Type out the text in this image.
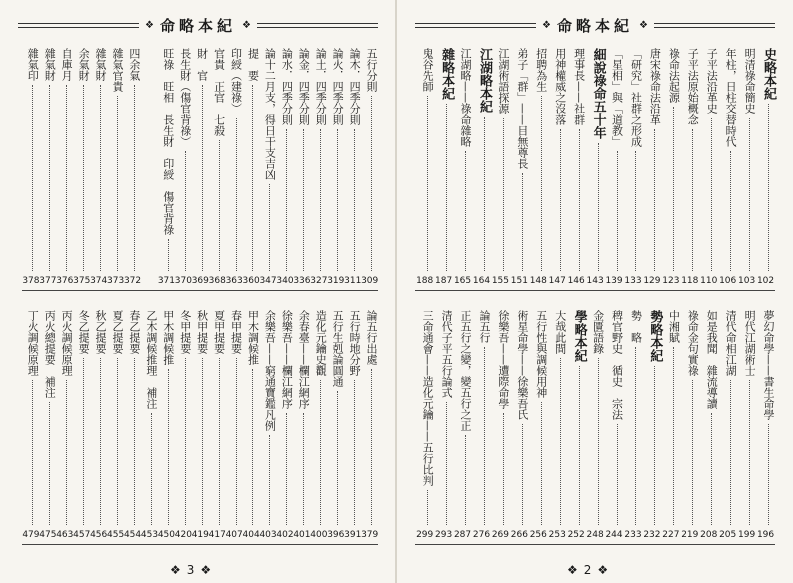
❖ 命略本紀 ❖
五行分則
309
論木．四季分則
311
論火．四季分則
319
論土．四季分則
327
論金．四季分則
336
論水．四季分則
340
論十二月支，得日干支吉凶
347
提　要
360
印綬（建祿）
363
官貴　正官　七殺
368
財　官
369
長生財（傷官背祿）
370
旺祿　旺相　長生財　印綬　傷官背祿
371
四余氣
372
雜氣官貴
373
雜氣財
374
余氣財
375
自庫月
376
雜氣財
377
雜氣印
378
論五行出處
379
五行時地分野
391
五行生剋論圓通
396
造化元鑰史觀
400
余春臺——欄江網序
401
徐樂吾——欄江網序
402
余樂吾——窮通寶鑑凡例
403
甲木調候推
404
春甲提要
407
夏甲提要
417
秋甲提要
419
冬甲提要
420
甲木調候推
450
乙木調候推理　補注
453
春乙提要
454
夏乙提要
455
秋乙提要
456
冬乙提要
457
丙火調候原理
463
丙火總提要　補注
475
丁火調候原理
479
❖ 3 ❖
❖ 命略本紀 ❖
史略本紀
102
明清祿命簡史
103
年柱，日柱交替時代
106
子平法沿革史
110
子平法原始概念
118
祿命法起源
123
唐宋祿命法沿革
129
「研究」社群之形成
133
「星相」與「道教」
139
細說祿命五十年
143
理事長——社群
146
用神權威之沒落
147
招聘為生
148
弟子「群」——目無尊長
151
江湖術語探源
155
江湖略本紀
164
江湖略——祿命雜略
165
雜略本紀
187
鬼谷先師
188
夢幻命學——書生命學
196
明代江湖術士
199
清代命相江湖
205
如是我聞　雜流導讀
208
祿命金句實祿
219
中湘賦
227
勢略本紀
232
勢　略
233
稗官野史　循史　宗法
244
金匱語錄
248
學略本紀
252
大哉此間
253
五行性與調候用神
256
術星命學——徐樂吾氏
266
徐樂吾——遭際命學
269
論五行
276
正五行之變，變五行之正
287
清代子平五行論式
293
三命通會——造化元鑰——五行比判
299
❖ 2 ❖
